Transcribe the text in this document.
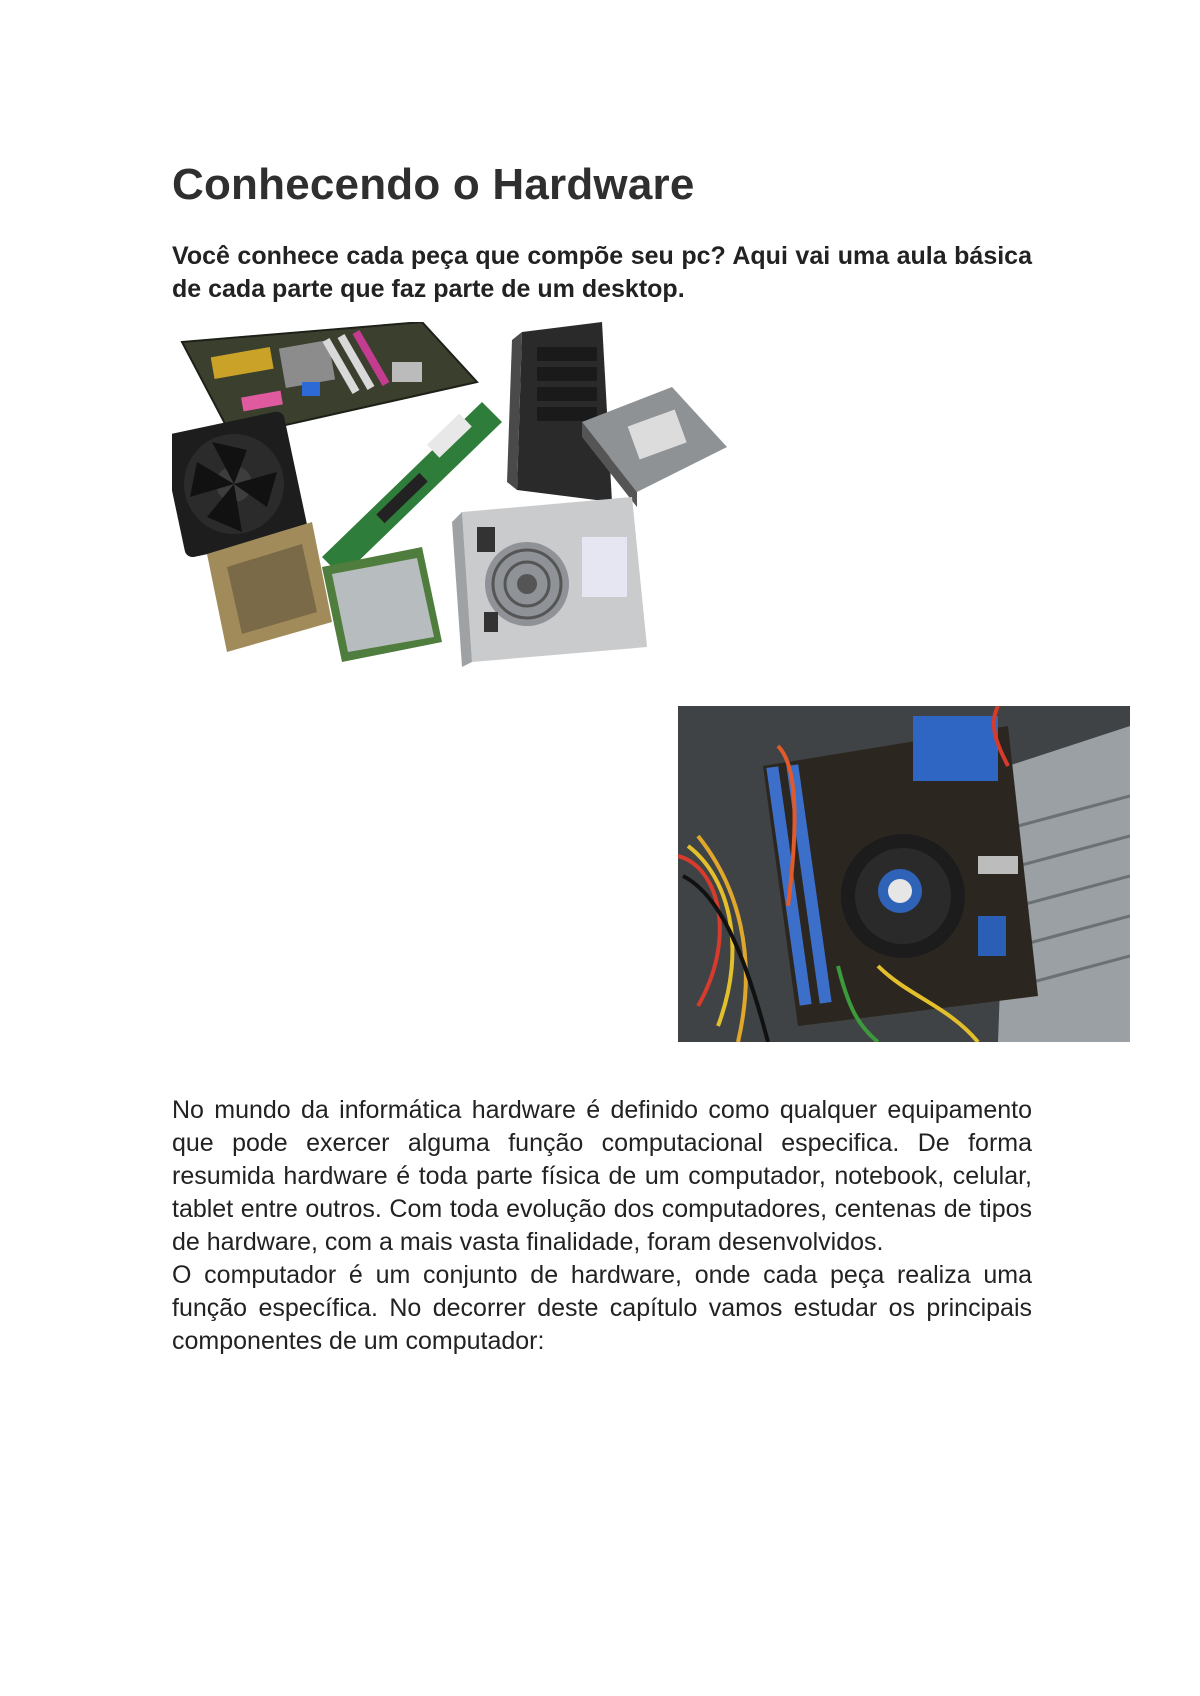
Conhecendo o Hardware

Você conhece cada peça que compõe seu pc? Aqui vai uma aula básica de cada parte que faz parte de um desktop.

No mundo da informática hardware é definido como qualquer equipamento que pode exercer alguma função computacional especifica. De forma resumida hardware é toda parte física de um computador, notebook, celular, tablet entre outros. Com toda evolução dos computadores, centenas de tipos de hardware, com a mais vasta finalidade, foram desenvolvidos.

O computador é um conjunto de hardware, onde cada peça realiza uma função específica. No decorrer deste capítulo vamos estudar os principais componentes de um computador:
